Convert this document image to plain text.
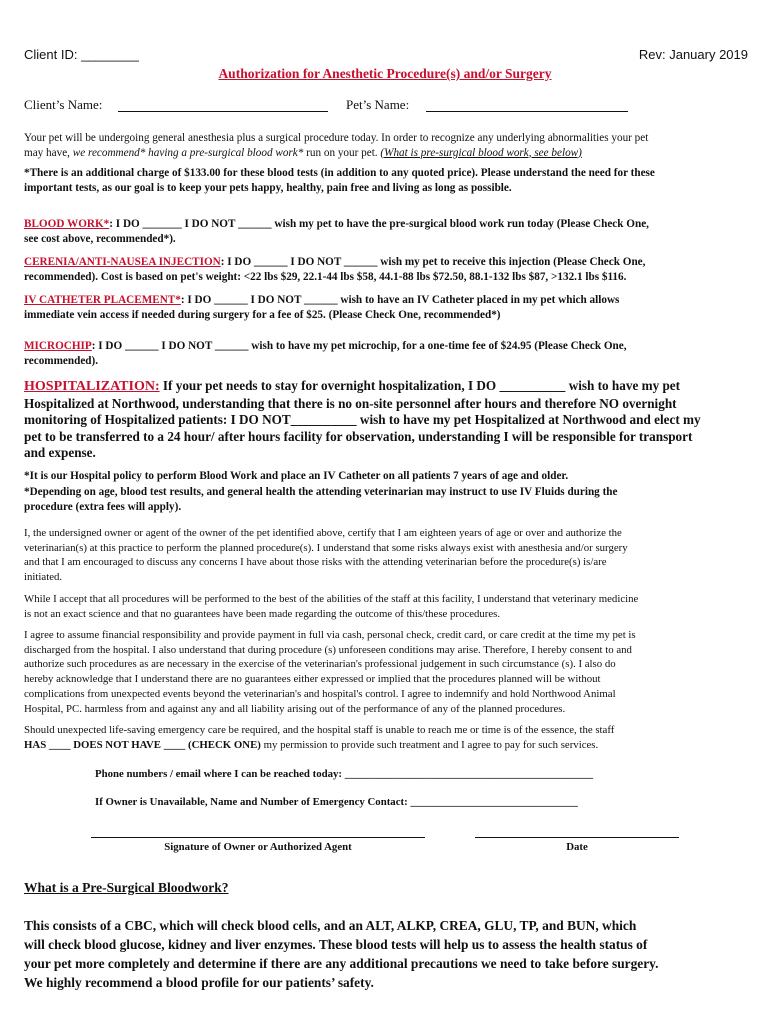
Client ID: ________	Rev: January 2019
Authorization for Anesthetic Procedure(s) and/or Surgery
Client’s Name:	Pet’s Name:
Your pet will be undergoing general anesthesia plus a surgical procedure today. In order to recognize any underlying abnormalities your pet
may have, we recommend* having a pre-surgical blood work* run on your pet. (What is pre-surgical blood work, see below)
*There is an additional charge of $133.00 for these blood tests (in addition to any quoted price). Please understand the need for these
important tests, as our goal is to keep your pets happy, healthy, pain free and living as long as possible.
BLOOD WORK*: I DO _______ I DO NOT ______ wish my pet to have the pre-surgical blood work run today (Please Check One,
see cost above, recommended*).
CERENIA/ANTI-NAUSEA INJECTION: I DO ______ I DO NOT ______ wish my pet to receive this injection (Please Check One,
recommended). Cost is based on pet's weight: <22 lbs $29, 22.1-44 lbs $58, 44.1-88 lbs $72.50, 88.1-132 lbs $87, >132.1 lbs $116.
IV CATHETER PLACEMENT*: I DO ______ I DO NOT ______ wish to have an IV Catheter placed in my pet which allows
immediate vein access if needed during surgery for a fee of $25. (Please Check One, recommended*)
MICROCHIP: I DO ______ I DO NOT ______ wish to have my pet microchip, for a one-time fee of $24.95 (Please Check One,
recommended).
HOSPITALIZATION: If your pet needs to stay for overnight hospitalization, I DO __________ wish to have my pet
Hospitalized at Northwood, understanding that there is no on-site personnel after hours and therefore NO overnight
monitoring of Hospitalized patients: I DO NOT__________ wish to have my pet Hospitalized at Northwood and elect my
pet to be transferred to a 24 hour/ after hours facility for observation, understanding I will be responsible for transport
and expense.
*It is our Hospital policy to perform Blood Work and place an IV Catheter on all patients 7 years of age and older.
*Depending on age, blood test results, and general health the attending veterinarian may instruct to use IV Fluids during the
procedure (extra fees will apply).
I, the undersigned owner or agent of the owner of the pet identified above, certify that I am eighteen years of age or over and authorize the
veterinarian(s) at this practice to perform the planned procedure(s). I understand that some risks always exist with anesthesia and/or surgery
and that I am encouraged to discuss any concerns I have about those risks with the attending veterinarian before the procedure(s) is/are
initiated.
While I accept that all procedures will be performed to the best of the abilities of the staff at this facility, I understand that veterinary medicine
is not an exact science and that no guarantees have been made regarding the outcome of this/these procedures.
I agree to assume financial responsibility and provide payment in full via cash, personal check, credit card, or care credit at the time my pet is
discharged from the hospital. I also understand that during procedure (s) unforeseen conditions may arise. Therefore, I hereby consent to and
authorize such procedures as are necessary in the exercise of the veterinarian's professional judgement in such circumstance (s). I also do
hereby acknowledge that I understand there are no guarantees either expressed or implied that the procedures planned will be without
complications from unexpected events beyond the veterinarian's and hospital's control. I agree to indemnify and hold Northwood Animal
Hospital, PC. harmless from and against any and all liability arising out of the performance of any of the planned procedures.
Should unexpected life-saving emergency care be required, and the hospital staff is unable to reach me or time is of the essence, the staff
HAS ____ DOES NOT HAVE ____ (CHECK ONE) my permission to provide such treatment and I agree to pay for such services.
Phone numbers / email where I can be reached today: ______________________________________________
If Owner is Unavailable, Name and Number of Emergency Contact: _______________________________
Signature of Owner or Authorized Agent	Date
What is a Pre-Surgical Bloodwork?
This consists of a CBC, which will check blood cells, and an ALT, ALKP, CREA, GLU, TP, and BUN, which
will check blood glucose, kidney and liver enzymes. These blood tests will help us to assess the health status of
your pet more completely and determine if there are any additional precautions we need to take before surgery.
We highly recommend a blood profile for our patients’ safety.
